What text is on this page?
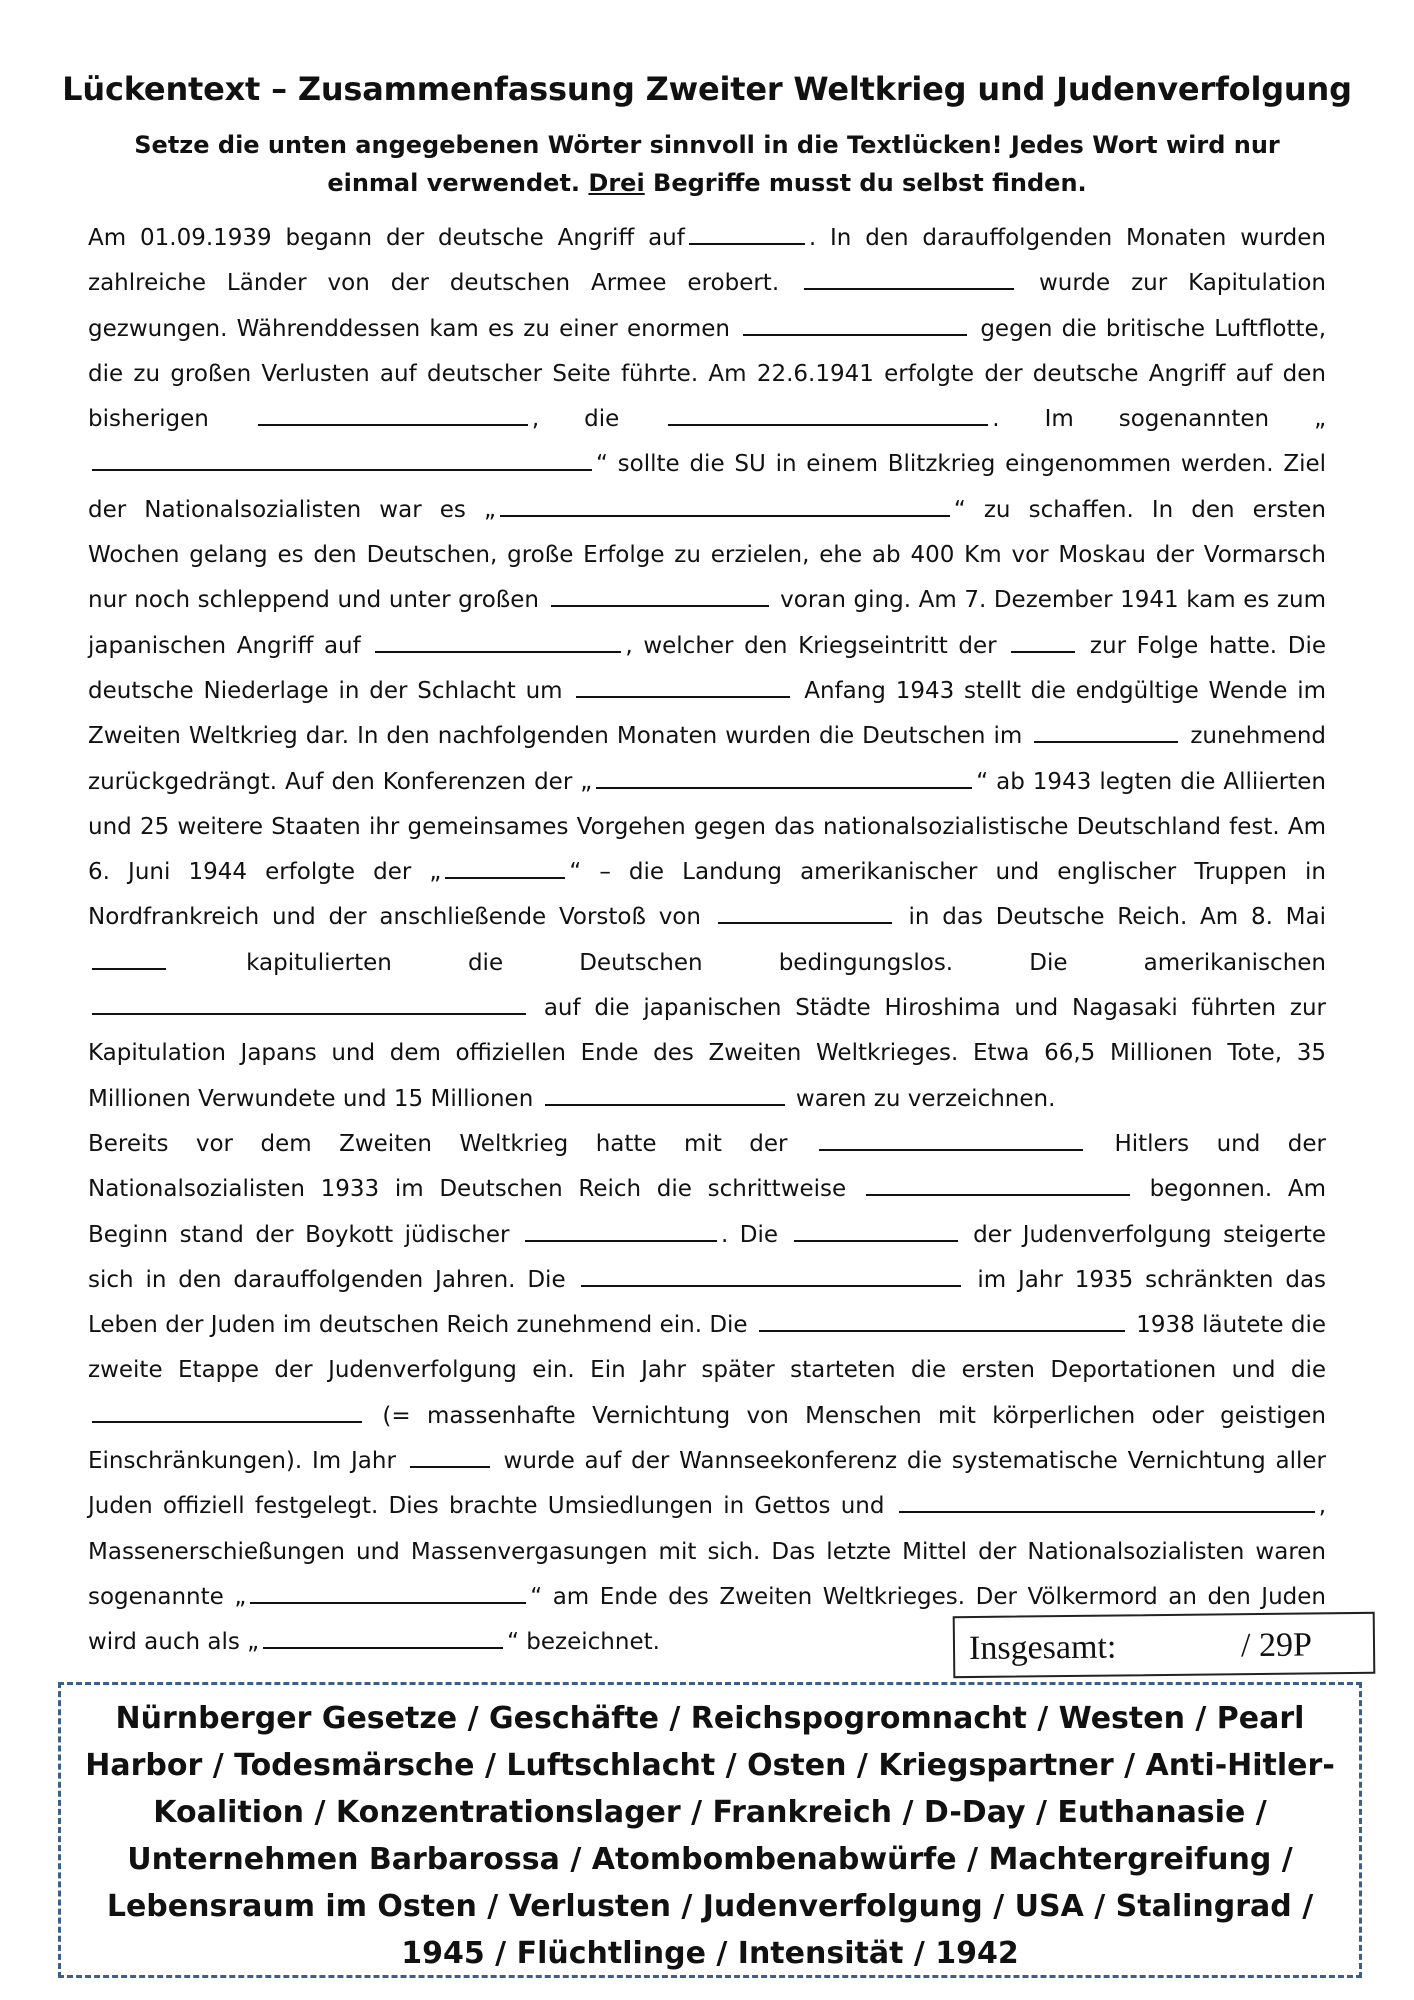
Lückentext – Zusammenfassung Zweiter Weltkrieg und Judenverfolgung
Setze die unten angegebenen Wörter sinnvoll in die Textlücken! Jedes Wort wird nur einmal verwendet. Drei Begriffe musst du selbst finden.

Am 01.09.1939 begann der deutsche Angriff auf	. In den darauffolgenden Monaten wurden zahlreiche Länder von der deutschen Armee erobert.	wurde zur Kapitulation gezwungen. Währenddessen kam es zu einer enormen	gegen die britische Luftflotte, die zu großen Verlusten auf deutscher Seite führte. Am 22.6.1941 erfolgte der deutsche Angriff auf den bisherigen	, die	. Im sogenannten „“ sollte die SU in einem Blitzkrieg eingenommen werden. Ziel der Nationalsozialisten war es „	“ zu schaffen. In den ersten Wochen gelang es den Deutschen, große Erfolge zu erzielen, ehe ab 400 Km vor Moskau der Vormarsch nur noch schleppend und unter großen	voran ging. Am 7. Dezember 1941 kam es zum japanischen Angriff auf	, welcher den Kriegseintritt der	zur Folge hatte. Die deutsche Niederlage in der Schlacht um	Anfang 1943 stellt die endgültige Wende im Zweiten Weltkrieg dar. In den nachfolgenden Monaten wurden die Deutschen im	zunehmend zurückgedrängt. Auf den Konferenzen der „	“ ab 1943 legten die Alliierten und 25 weitere Staaten ihr gemeinsames Vorgehen gegen das nationalsozialistische Deutschland fest. Am 6. Juni 1944 erfolgte der „	“ – die Landung amerikanischer und englischer Truppen in Nordfrankreich und der anschließende Vorstoß von	in das Deutsche Reich. Am 8. Mai  kapitulierten die Deutschen bedingungslos. Die amerikanischen  auf die japanischen Städte Hiroshima und Nagasaki führten zur Kapitulation Japans und dem offiziellen Ende des Zweiten Weltkrieges. Etwa 66,5 Millionen Tote, 35 Millionen Verwundete und 15 Millionen	waren zu verzeichnen.

Bereits vor dem Zweiten Weltkrieg hatte mit der	Hitlers und der Nationalsozialisten 1933 im Deutschen Reich die schrittweise	begonnen. Am Beginn stand der Boykott jüdischer	. Die	der Judenverfolgung steigerte sich in den darauffolgenden Jahren. Die	im Jahr 1935 schränkten das Leben der Juden im deutschen Reich zunehmend ein. Die	1938 läutete die zweite Etappe der Judenverfolgung ein. Ein Jahr später starteten die ersten Deportationen und die  (= massenhafte Vernichtung von Menschen mit körperlichen oder geistigen Einschränkungen). Im Jahr	wurde auf der Wannseekonferenz die systematische Vernichtung aller Juden offiziell festgelegt. Dies brachte Umsiedlungen in Gettos und	, Massenerschießungen und Massenvergasungen mit sich. Das letzte Mittel der Nationalsozialisten waren sogenannte „	“ am Ende des Zweiten Weltkrieges. Der Völkermord an den Juden wird auch als „	“ bezeichnet.	Insgesamt:	/ 29P
Nürnberger Gesetze / Geschäfte / Reichspogromnacht / Westen / Pearl Harbor / Todesmärsche / Luftschlacht / Osten / Kriegspartner / Anti-Hitler-Koalition / Konzentrationslager / Frankreich / D-Day / Euthanasie / Unternehmen Barbarossa / Atombombenabwürfe / Machtergreifung / Lebensraum im Osten / Verlusten / Judenverfolgung / USA / Stalingrad / 1945 / Flüchtlinge / Intensität / 1942
